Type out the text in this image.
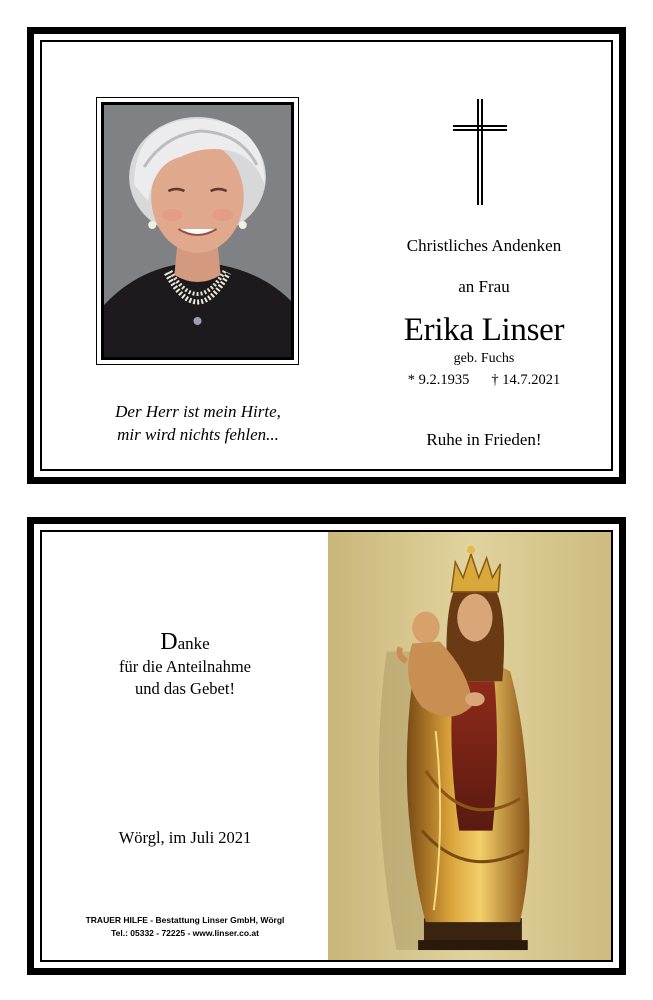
Der Herr ist mein Hirte,
mir wird nichts fehlen...
Christliches Andenken
an Frau
Erika Linser
geb. Fuchs
* 9.2.1935 † 14.7.2021
Ruhe in Frieden!
Danke
für die Anteilnahme
und das Gebet!
Wörgl, im Juli 2021
TRAUER HILFE - Bestattung Linser GmbH, Wörgl
Tel.: 05332 - 72225 - www.linser.co.at
